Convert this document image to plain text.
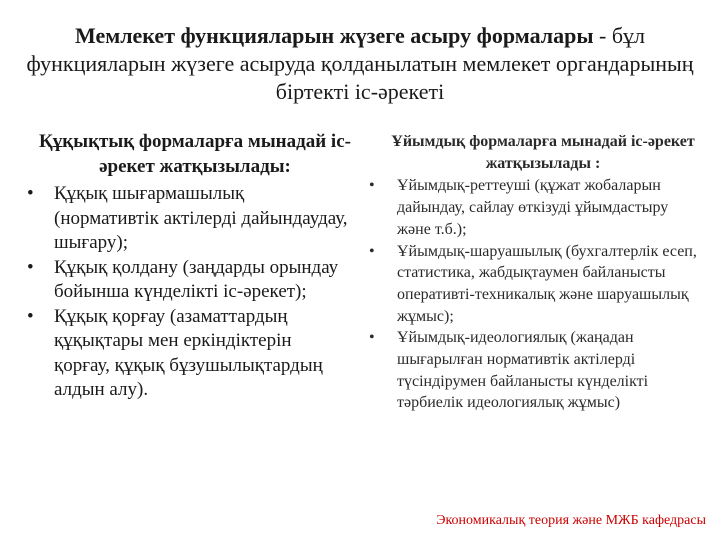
Мемлекет функцияларын жүзеге асыру формалары - бұл функцияларын жүзеге асыруда қолданылатын мемлекет органдарының біртекті іс-әрекеті
Құқықтық формаларға мынадай іс-әрекет жатқызылады:
• Құқық шығармашылық (нормативтік актілерді дайындаудау, шығару);
• Құқық қолдану (заңдарды орындау бойынша күнделікті іс-әрекет);
• Құқық қорғау (азаматтардың құқықтары мен еркіндіктерін қорғау, құқық бұзушылықтардың алдын алу).
Ұйымдық формаларға мынадай іс-әрекет жатқызылады :
• Ұйымдық-реттеуші (құжат жобаларын дайындау, сайлау өткізуді ұйымдастыру және т.б.);
• Ұйымдық-шаруашылық (бухгалтерлік есеп, статистика, жабдықтаумен байланысты оперативті-техникалық және шаруашылық жұмыс);
• Ұйымдық-идеологиялық (жаңадан шығарылған нормативтік актілерді түсіндірумен байланысты күнделікті тәрбиелік идеологиялық жұмыс)
Экономикалық теория және МЖБ кафедрасы
